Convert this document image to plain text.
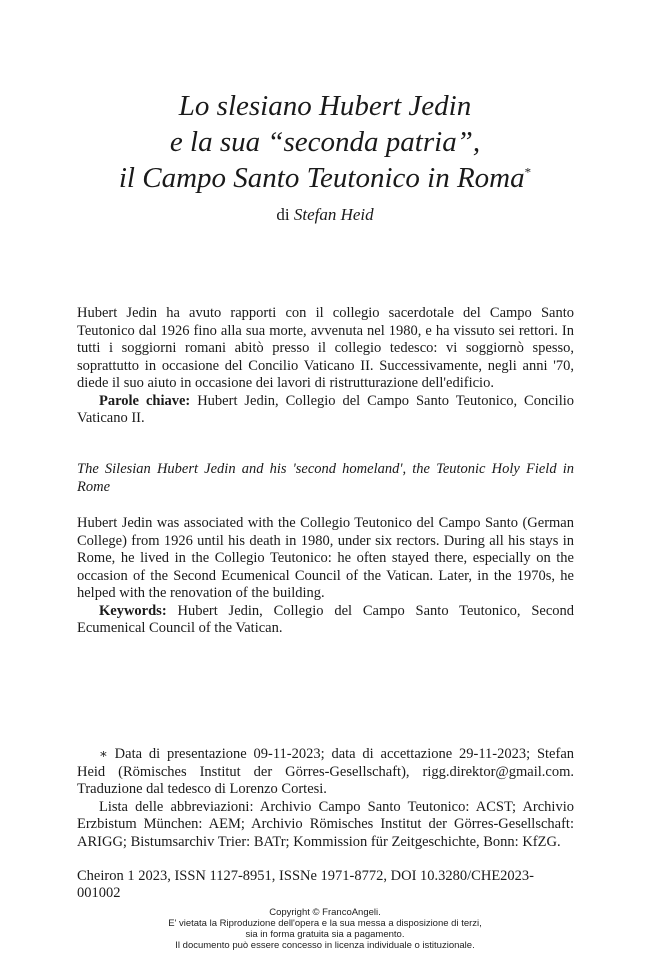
Lo slesiano Hubert Jedin
e la sua “seconda patria”,
il Campo Santo Teutonico in Roma*
di Stefan Heid

Hubert Jedin ha avuto rapporti con il collegio sacerdotale del Campo Santo Teutonico dal 1926 fino alla sua morte, avvenuta nel 1980, e ha vissuto sei rettori. In tutti i soggiorni romani abitò presso il collegio tedesco: vi soggiornò spesso, soprattutto in occasione del Concilio Vaticano II. Successivamente, negli anni '70, diede il suo aiuto in occasione dei lavori di ristrutturazione dell'edificio.

Parole chiave: Hubert Jedin, Collegio del Campo Santo Teutonico, Concilio Vaticano II.

The Silesian Hubert Jedin and his 'second homeland', the Teutonic Holy Field in Rome

Hubert Jedin was associated with the Collegio Teutonico del Campo Santo (German College) from 1926 until his death in 1980, under six rectors. During all his stays in Rome, he lived in the Collegio Teutonico: he often stayed there, especially on the occasion of the Second Ecumenical Council of the Vatican. Later, in the 1970s, he helped with the renovation of the building.

Keywords: Hubert Jedin, Collegio del Campo Santo Teutonico, Second Ecumenical Council of the Vatican.

∗ Data di presentazione 09-11-2023; data di accettazione 29-11-2023; Stefan Heid (Römisches Institut der Görres-Gesellschaft), rigg.direktor@gmail.com. Traduzione dal tedesco di Lorenzo Cortesi.

Lista delle abbreviazioni: Archivio Campo Santo Teutonico: ACST; Archivio Erzbistum München: AEM; Archivio Römisches Institut der Görres-Gesellschaft: ARIGG; Bistumsarchiv Trier: BATr; Kommission für Zeitgeschichte, Bonn: KfZG.

Cheiron 1 2023, ISSN 1127-8951, ISSNe 1971-8772, DOI 10.3280/CHE2023-001002
Copyright © FrancoAngeli.
E' vietata la Riproduzione dell'opera e la sua messa a disposizione di terzi,
sia in forma gratuita sia a pagamento.
Il documento può essere concesso in licenza individuale o istituzionale.
